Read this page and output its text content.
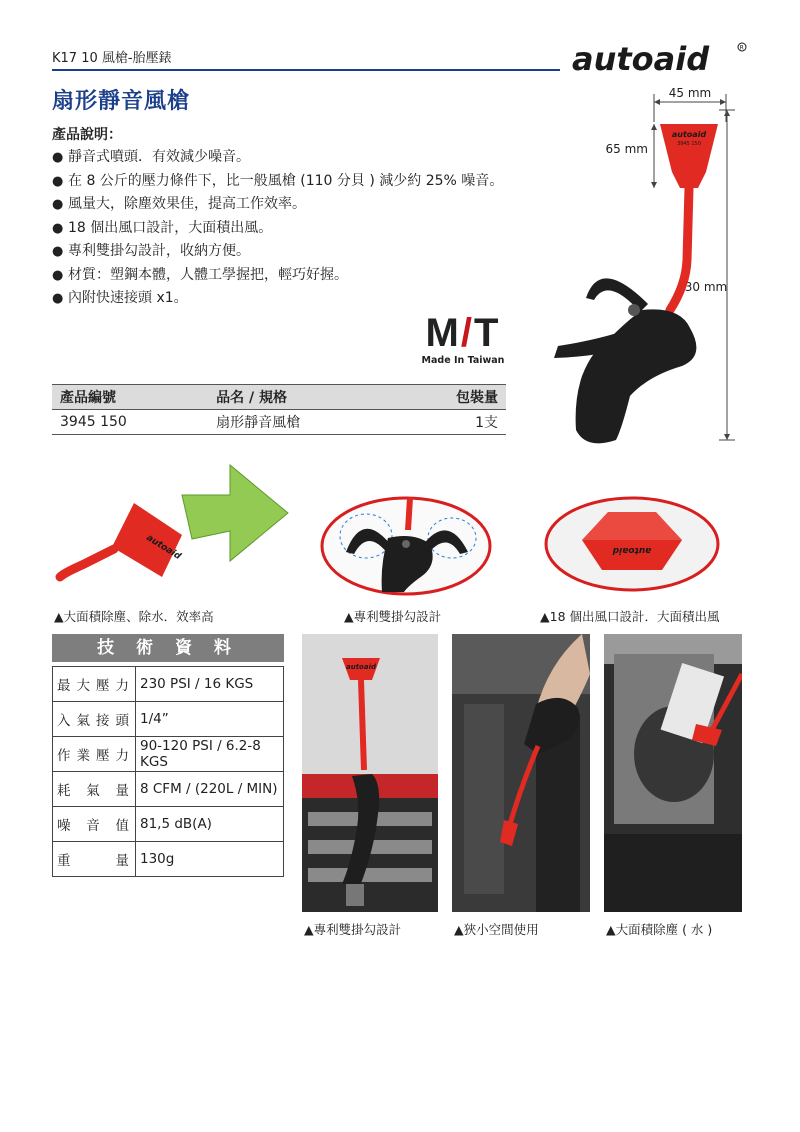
K17 10 風槍-胎壓錶	autoaid	R
扇形靜音風槍
產品說明：
● 靜音式噴頭．有效減少噪音。
● 在 8 公斤的壓力條件下，比一般風槍 (110 分貝 ) 減少約 25% 噪音。
● 風量大，除塵效果佳，提高工作效率。
● 18 個出風口設計，大面積出風。
● 專利雙掛勾設計，收納方便。
● 材質：塑鋼本體，人體工學握把，輕巧好握。
● 內附快速接頭 x1。
M/T
Made In Taiwan
45 mm
65 mm
30 mm
autoaid
3945 150
產品編號	品名 / 規格	包裝量
3945 150	扇形靜音風槍	1支
autoaid	autoaid
▲大面積除塵、除水．效率高	▲專利雙掛勾設計	▲18 個出風口設計．大面積出風
技 術 資 料
最大壓力	230 PSI / 16 KGS
入氣接頭	1/4”
作業壓力	90-120 PSI / 6.2-8 KGS
耗氣量	8 CFM / (220L / MIN)
噪音值	81,5 dB(A)
重量	130g
autoaid
▲專利雙掛勾設計	▲狹小空間使用	▲大面積除塵 ( 水 )
